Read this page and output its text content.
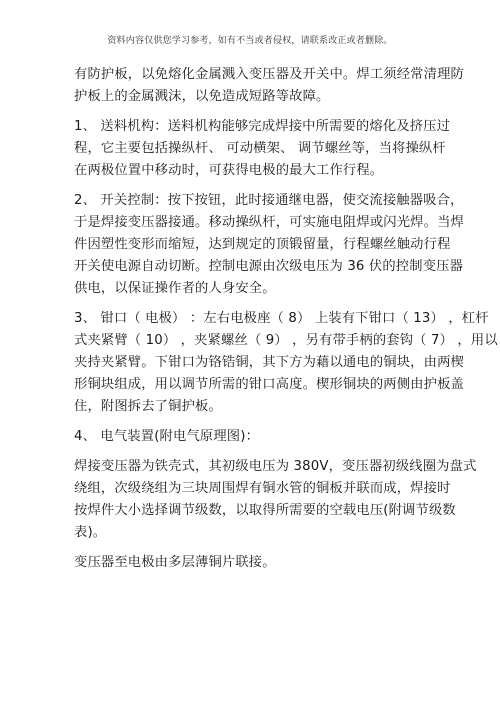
资料内容仅供您学习参考，如有不当或者侵权，请联系改正或者删除。
有防护板，以免熔化金属溅入变压器及开关中。焊工须经常清理防
护板上的金属溅沫，以免造成短路等故障。
1、 送料机构：送料机构能够完成焊接中所需要的熔化及挤压过
程，它主要包括操纵杆、 可动横架、 调节螺丝等，当将操纵杆
在两极位置中移动时，可获得电极的最大工作行程。
2、 开关控制：按下按钮，此时接通继电器，使交流接触器吸合，
于是焊接变压器接通。移动操纵杆，可实施电阻焊或闪光焊。当焊
件因塑性变形而缩短，达到规定的顶锻留量，行程螺丝触动行程
开关使电源自动切断。控制电源由次级电压为 36 伏的控制变压器
供电，以保证操作者的人身安全。
3、 钳口（ 电极） ：左右电极座（ 8） 上装有下钳口（ 13） ，杠杆
式夹紧臂（ 10） ，夹紧螺丝（ 9） ，另有带手柄的套钩（ 7） ，用以
夹持夹紧臂。下钳口为铬锆铜，其下方为藉以通电的铜块，由两楔
形铜块组成，用以调节所需的钳口高度。楔形铜块的两侧由护板盖
住，附图拆去了铜护板。
4、 电气装置(附电气原理图)：
焊接变压器为铁壳式，其初级电压为 380V，变压器初级线圈为盘式
绕组，次级绕组为三块周围焊有铜水管的铜板并联而成，焊接时
按焊件大小选择调节级数，以取得所需要的空载电压(附调节级数
表)。
变压器至电极由多层薄铜片联接。
